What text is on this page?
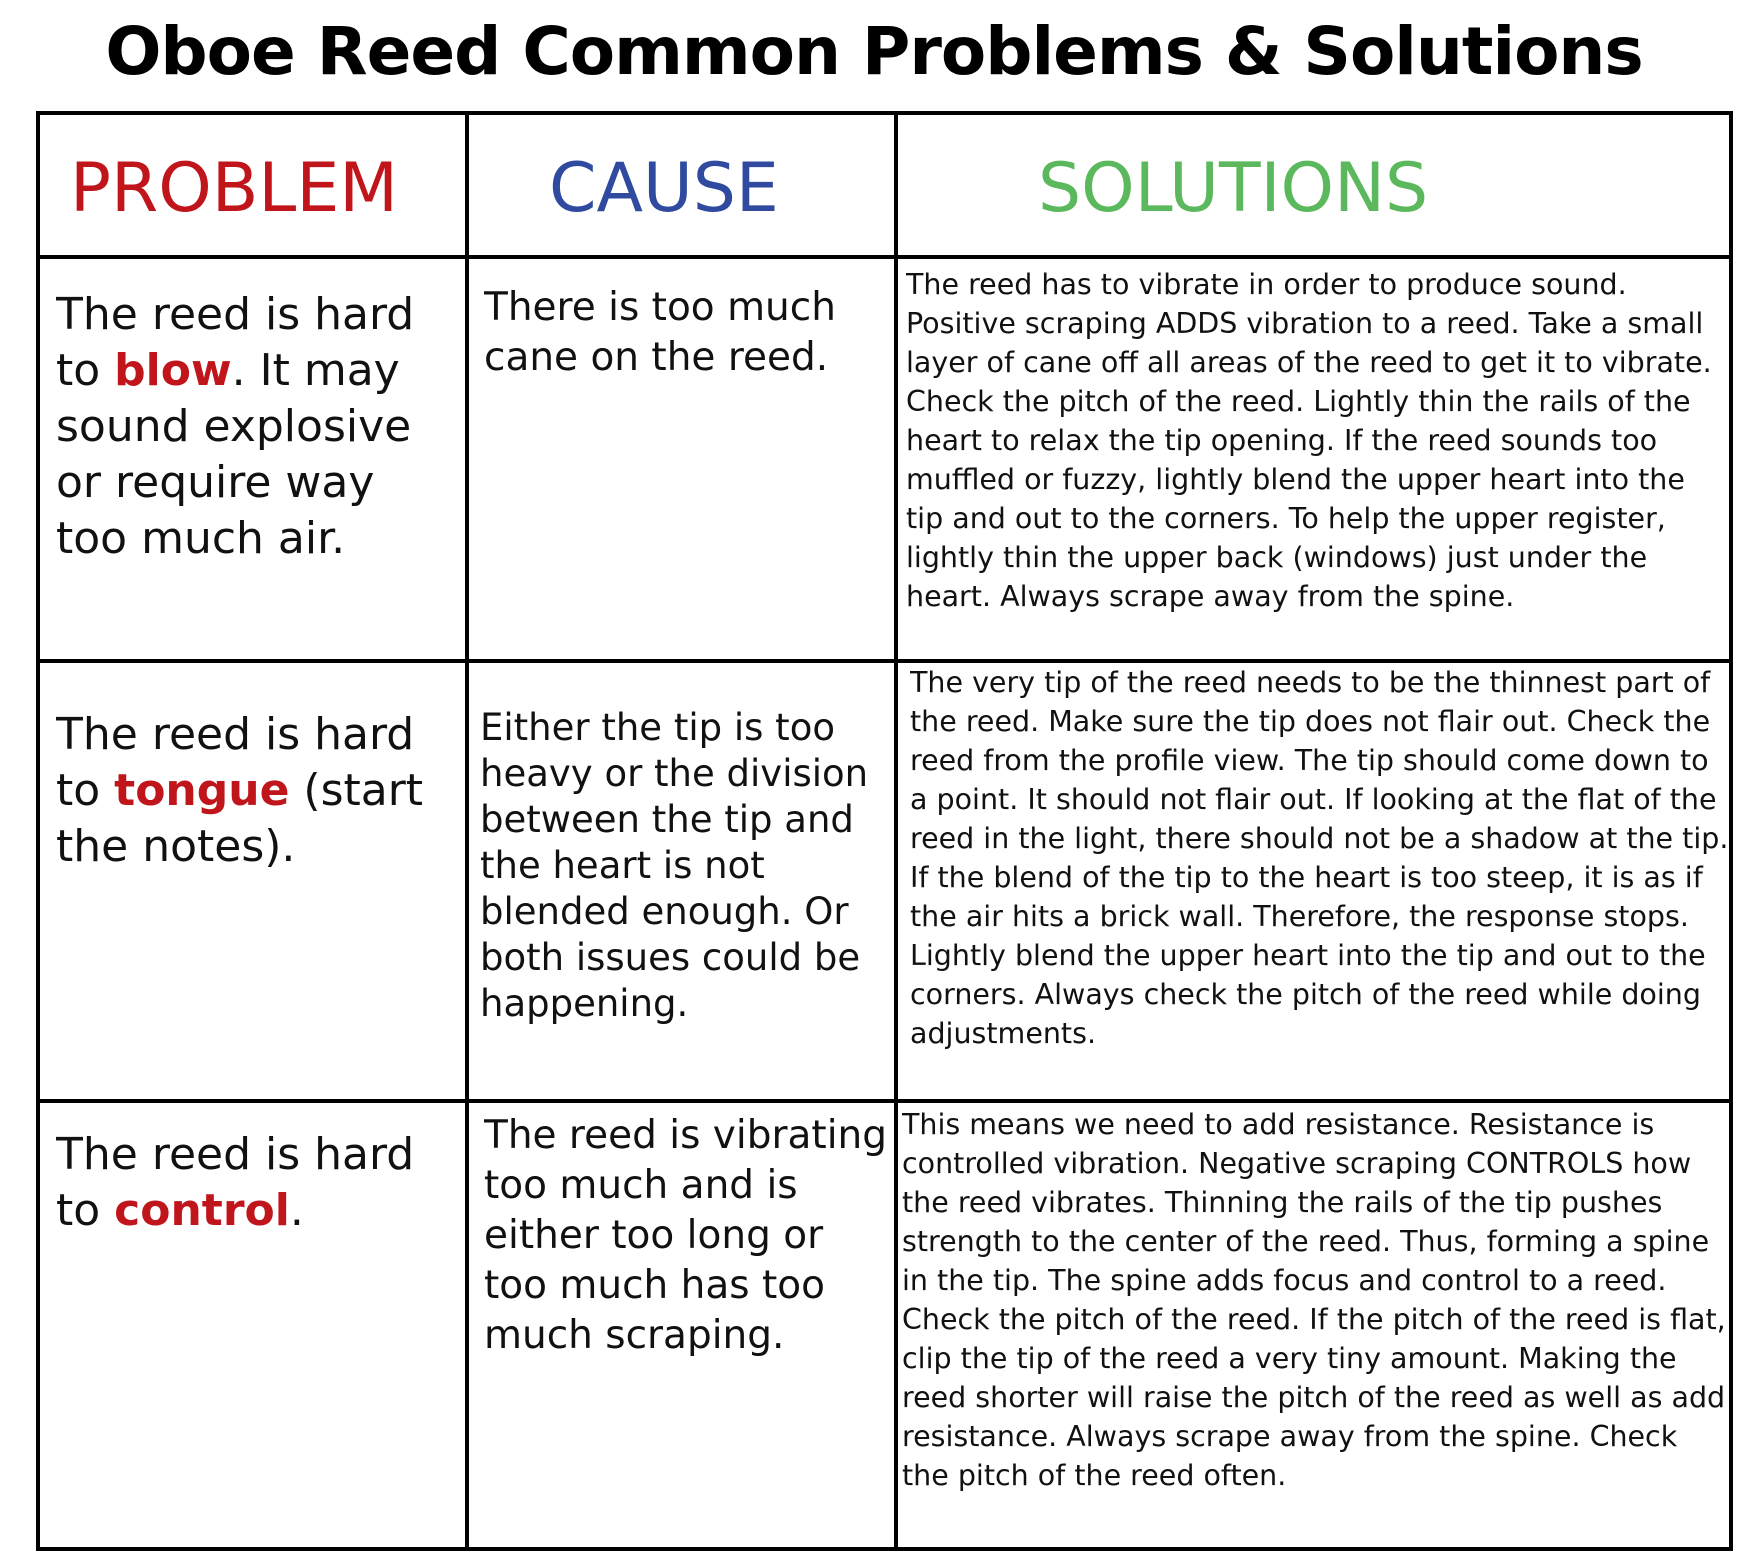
Oboe Reed Common Problems & Solutions
PROBLEM CAUSE	SOLUTIONS
The reed is hard to blow. It may sound explosive or require way too much air.
There is too much cane on the reed.
The reed has to vibrate in order to produce sound. Positive scraping ADDS vibration to a reed. Take a small layer of cane off all areas of the reed to get it to vibrate. Check the pitch of the reed. Lightly thin the rails of the heart to relax the tip opening. If the reed sounds too muffled or fuzzy, lightly blend the upper heart into the tip and out to the corners. To help the upper register, lightly thin the upper back (windows) just under the heart. Always scrape away from the spine.
The reed is hard to tongue (start the notes).
Either the tip is too heavy or the division between the tip and the heart is not blended enough. Or both issues could be happening.
The very tip of the reed needs to be the thinnest part of the reed. Make sure the tip does not flair out. Check the reed from the profile view. The tip should come down to a point. It should not flair out. If looking at the flat of the reed in the light, there should not be a shadow at the tip. If the blend of the tip to the heart is too steep, it is as if the air hits a brick wall. Therefore, the response stops. Lightly blend the upper heart into the tip and out to the corners. Always check the pitch of the reed while doing adjustments.
The reed is hard to control.
The reed is vibrating too much and is either too long or too much has too much scraping.
This means we need to add resistance. Resistance is controlled vibration. Negative scraping CONTROLS how the reed vibrates. Thinning the rails of the tip pushes strength to the center of the reed. Thus, forming a spine in the tip. The spine adds focus and control to a reed. Check the pitch of the reed. If the pitch of the reed is flat, clip the tip of the reed a very tiny amount. Making the reed shorter will raise the pitch of the reed as well as add resistance. Always scrape away from the spine. Check the pitch of the reed often.
